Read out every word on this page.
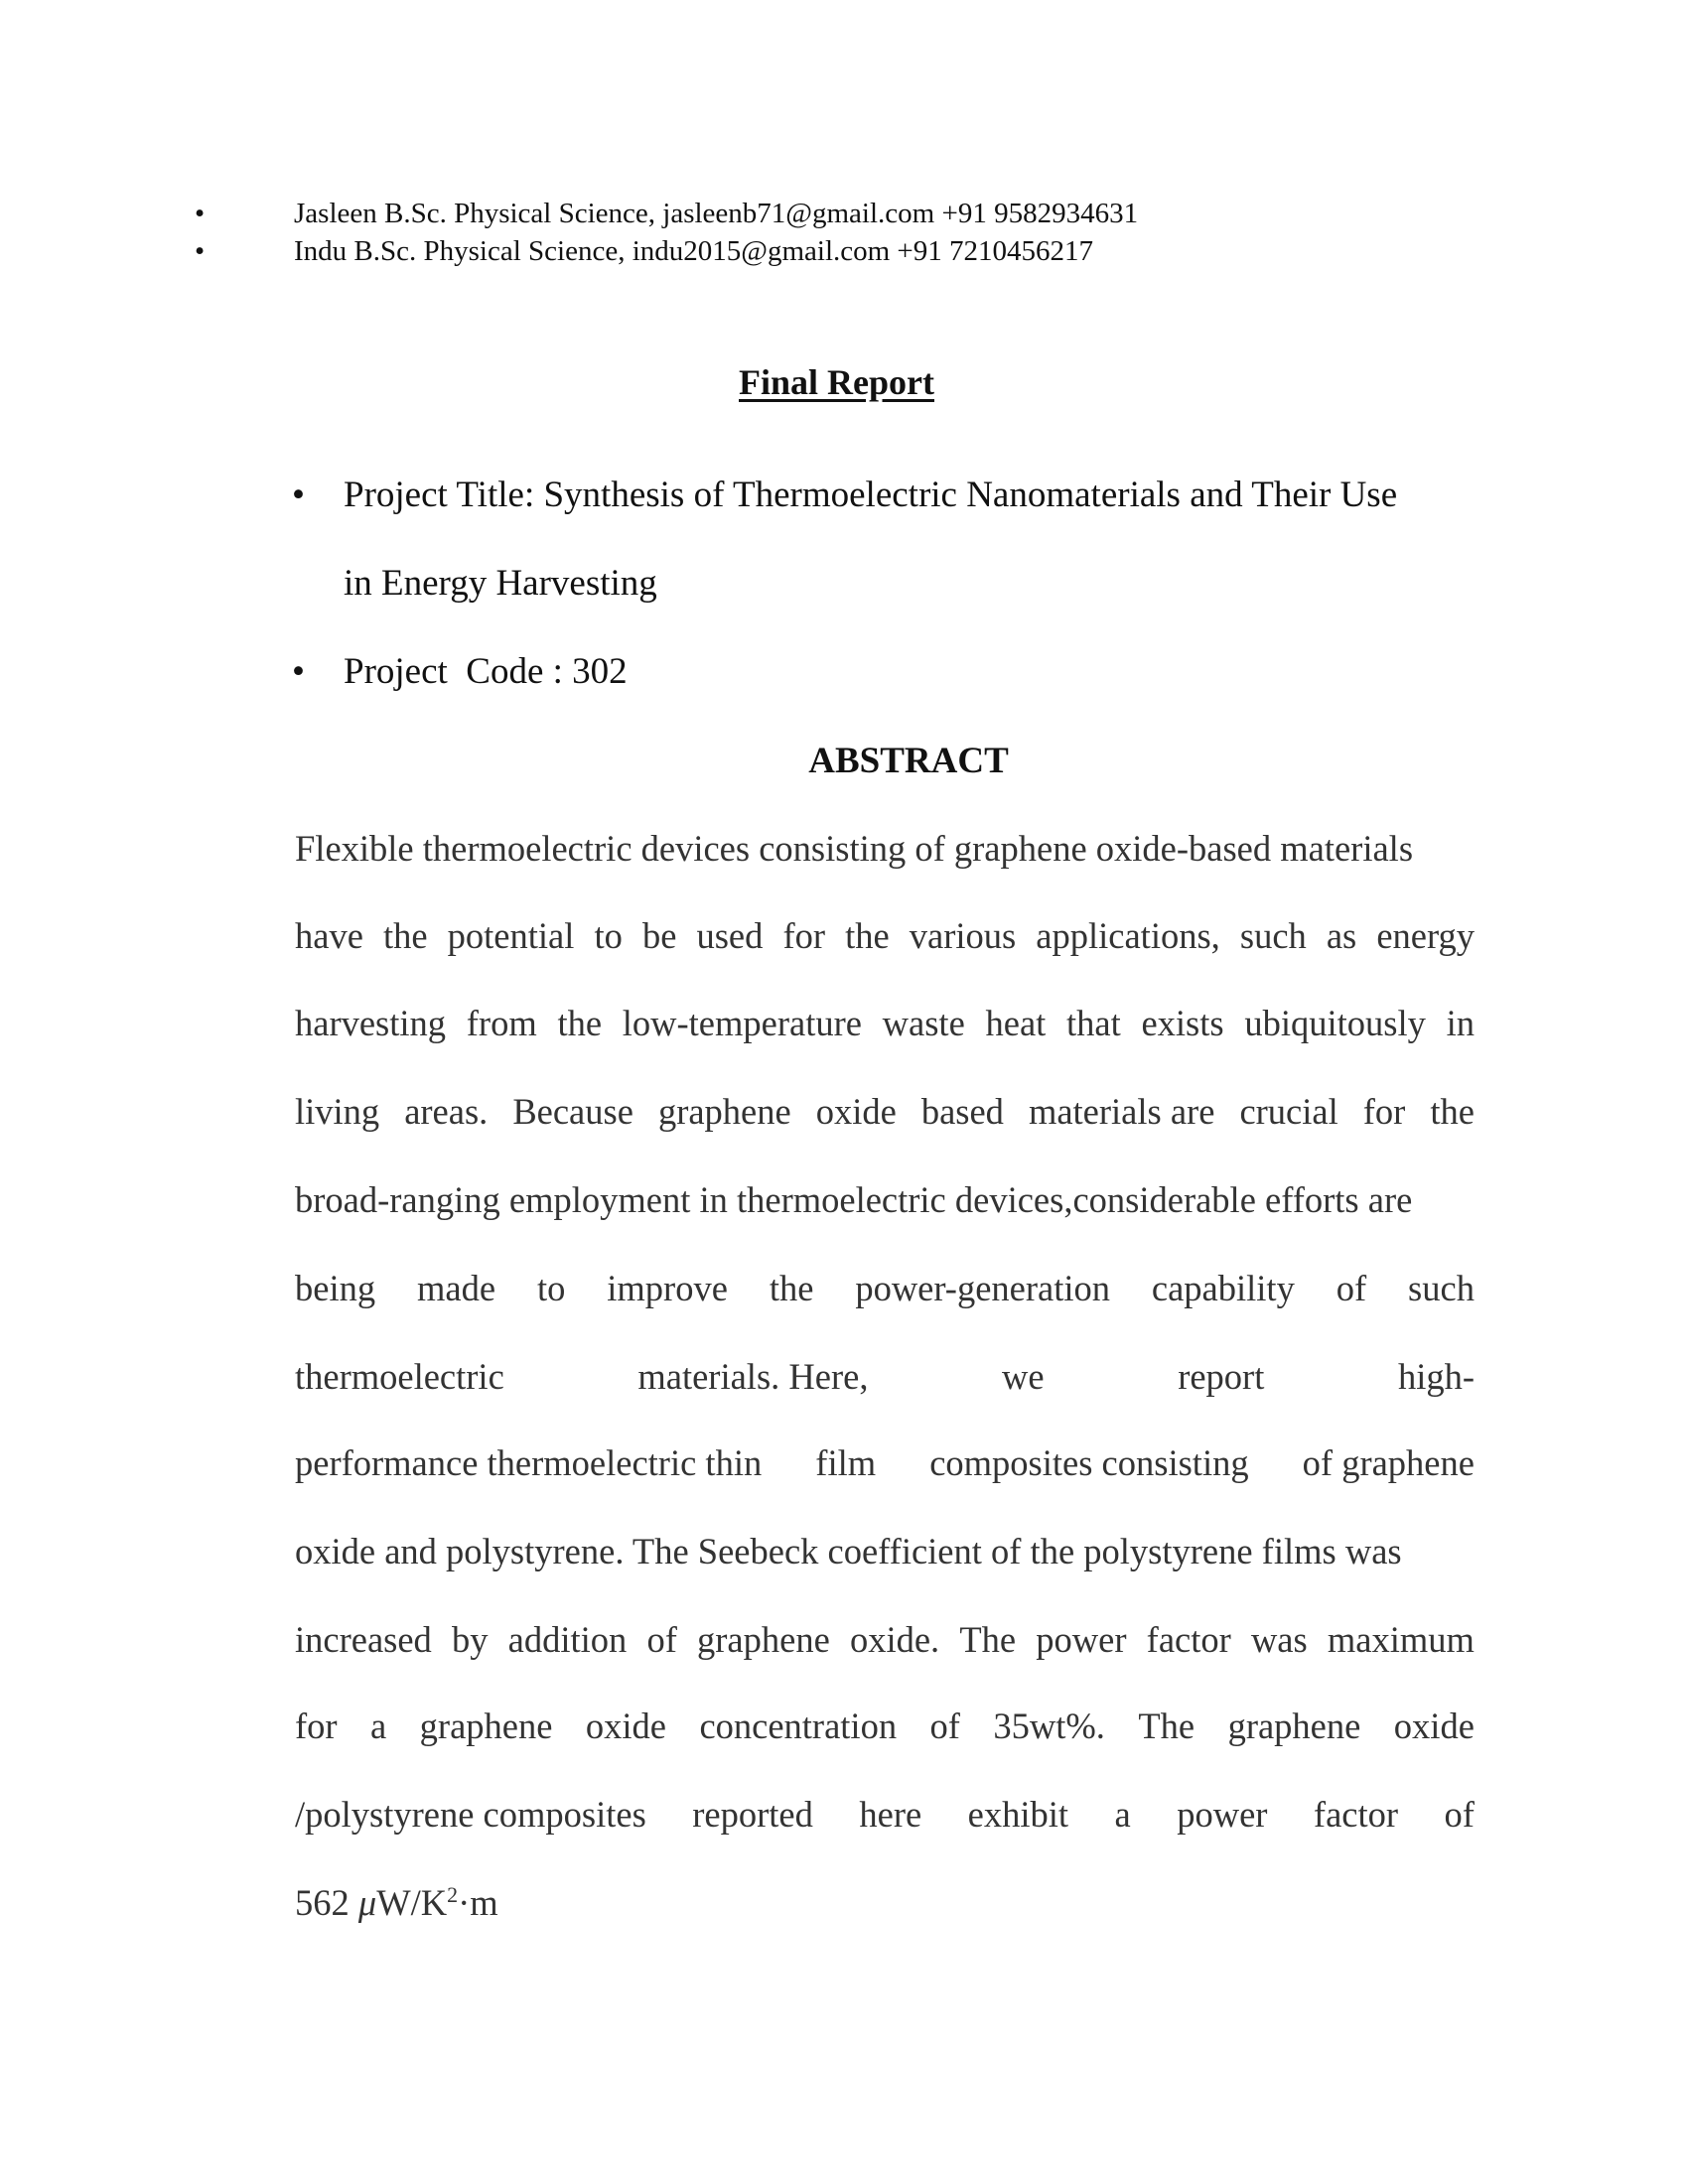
•	Jasleen B.Sc. Physical Science, jasleenb71@gmail.com +91 9582934631
•	Indu B.Sc. Physical Science, indu2015@gmail.com +91 7210456217
Final Report
• Project Title: Synthesis of Thermoelectric Nanomaterials and Their Use
in Energy Harvesting
• Project  Code : 302
ABSTRACT
Flexible thermoelectric devices consisting of graphene oxide-based materials
have the potential to be used for the various applications, such as energy
harvesting from the low-temperature waste heat that exists ubiquitously in
living areas. Because graphene oxide based materials are crucial for the
broad-ranging employment in thermoelectric devices,considerable efforts are
being made to improve the power-generation capability of such
thermoelectric	materials. Here,	we	report	high-
performance thermoelectric thin film composites consisting of graphene
oxide and polystyrene. The Seebeck coefficient of the polystyrene films was
increased by addition of graphene oxide. The power factor was maximum
for a graphene oxide concentration of 35wt%. The graphene oxide
/polystyrene composites reported here exhibit a power factor of
562 $\mu W/K^2\cdot m$
